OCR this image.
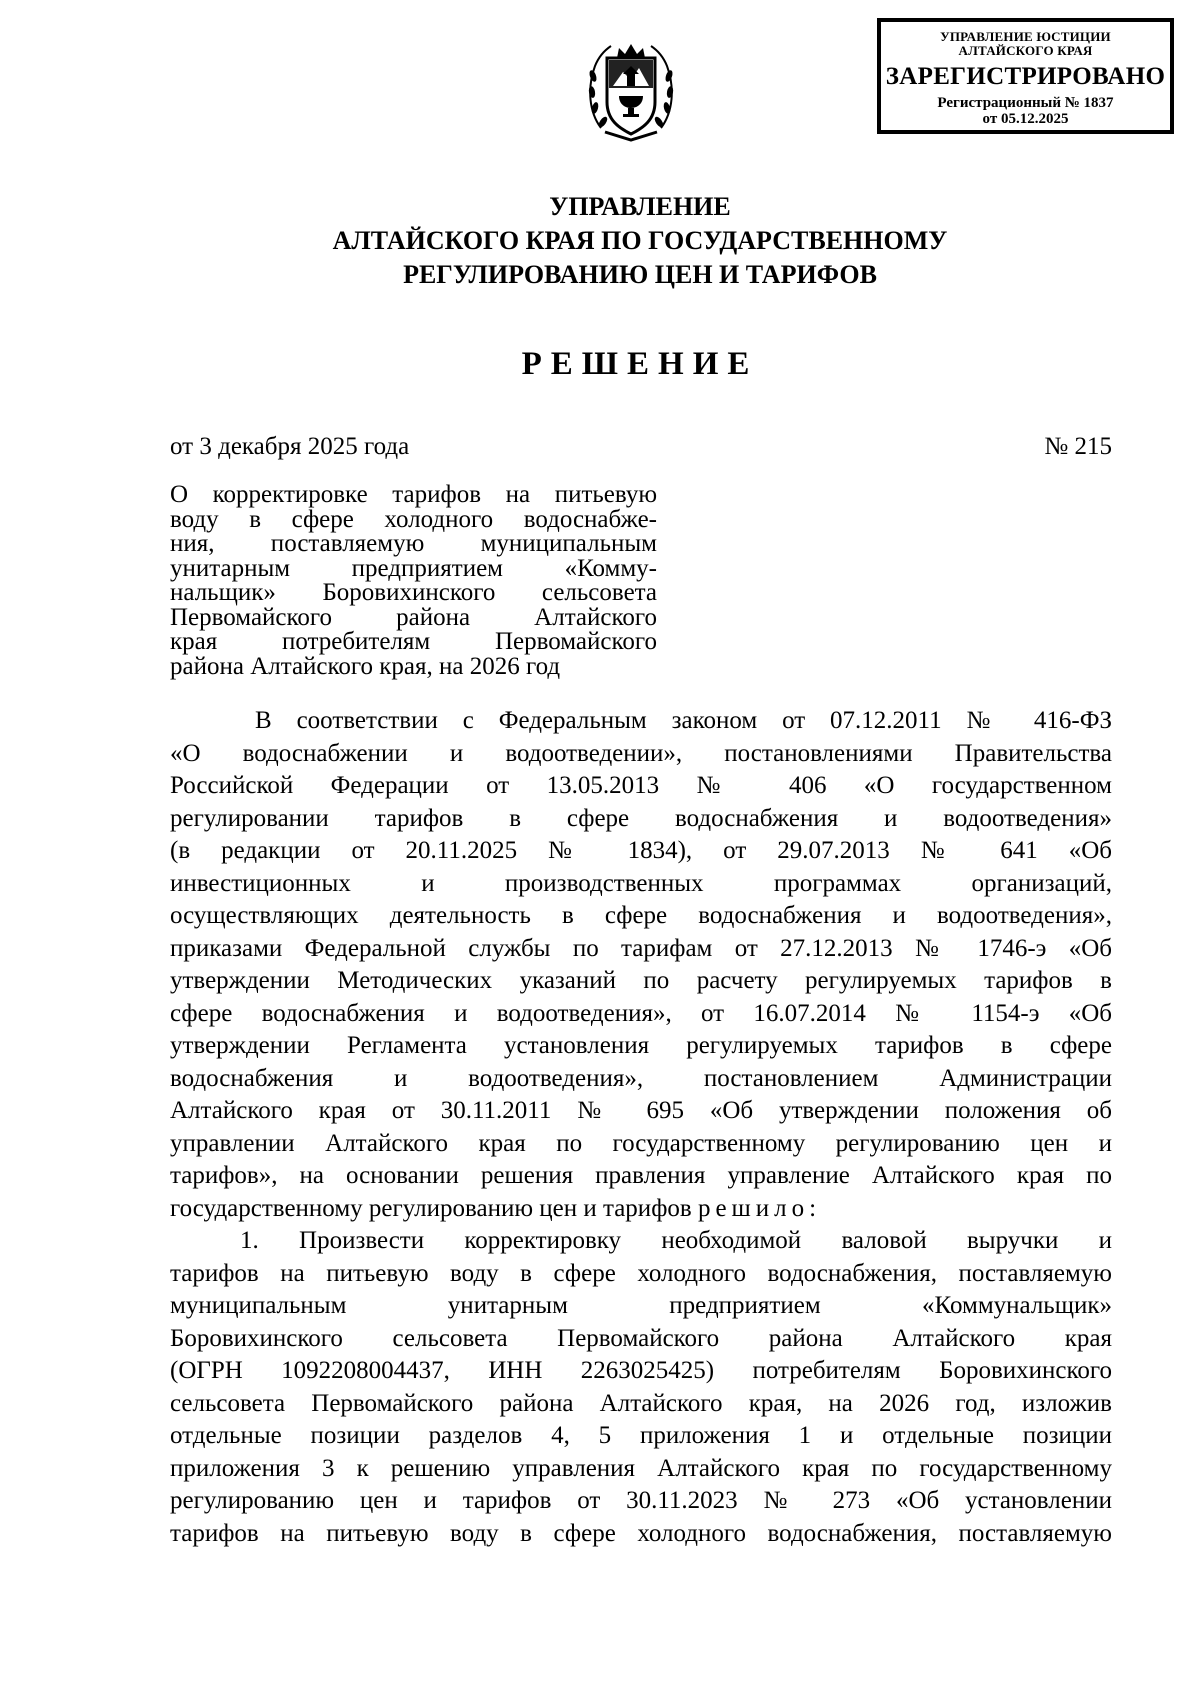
УПРАВЛЕНИЕ ЮСТИЦИИ
АЛТАЙСКОГО КРАЯ
ЗАРЕГИСТРИРОВАНО
Регистрационный № 1837
от 05.12.2025
УПРАВЛЕНИЕ
АЛТАЙСКОГО КРАЯ ПО ГОСУДАРСТВЕННОМУ
РЕГУЛИРОВАНИЮ ЦЕН И ТАРИФОВ
РЕШЕНИЕ
от 3 декабря 2025 года	№ 215
О корректировке тарифов на питьевую
воду в сфере холодного водоснабже-
ния, поставляемую муниципальным
унитарным предприятием «Комму-
нальщик» Боровихинского сельсовета
Первомайского района Алтайского
края потребителям Первомайского
района Алтайского края, на 2026 год
В соответствии с Федеральным законом от 07.12.2011 № 416-ФЗ
«О водоснабжении и водоотведении», постановлениями Правительства
Российской Федерации от 13.05.2013 № 406 «О государственном
регулировании тарифов в сфере водоснабжения и водоотведения»
(в редакции от 20.11.2025 № 1834), от 29.07.2013 № 641 «Об
инвестиционных и производственных программах организаций,
осуществляющих деятельность в сфере водоснабжения и водоотведения»,
приказами Федеральной службы по тарифам от 27.12.2013 № 1746-э «Об
утверждении Методических указаний по расчету регулируемых тарифов в
сфере водоснабжения и водоотведения», от 16.07.2014 № 1154-э «Об
утверждении Регламента установления регулируемых тарифов в сфере
водоснабжения и водоотведения», постановлением Администрации
Алтайского края от 30.11.2011 № 695 «Об утверждении положения об
управлении Алтайского края по государственному регулированию цен и
тарифов», на основании решения правления управление Алтайского края по
государственному регулированию цен и тарифов решило:
1. Произвести корректировку необходимой валовой выручки и
тарифов на питьевую воду в сфере холодного водоснабжения, поставляемую
муниципальным унитарным предприятием «Коммунальщик»
Боровихинского сельсовета Первомайского района Алтайского края
(ОГРН 1092208004437, ИНН 2263025425) потребителям Боровихинского
сельсовета Первомайского района Алтайского края, на 2026 год, изложив
отдельные позиции разделов 4, 5 приложения 1 и отдельные позиции
приложения 3 к решению управления Алтайского края по государственному
регулированию цен и тарифов от 30.11.2023 № 273 «Об установлении
тарифов на питьевую воду в сфере холодного водоснабжения, поставляемую
